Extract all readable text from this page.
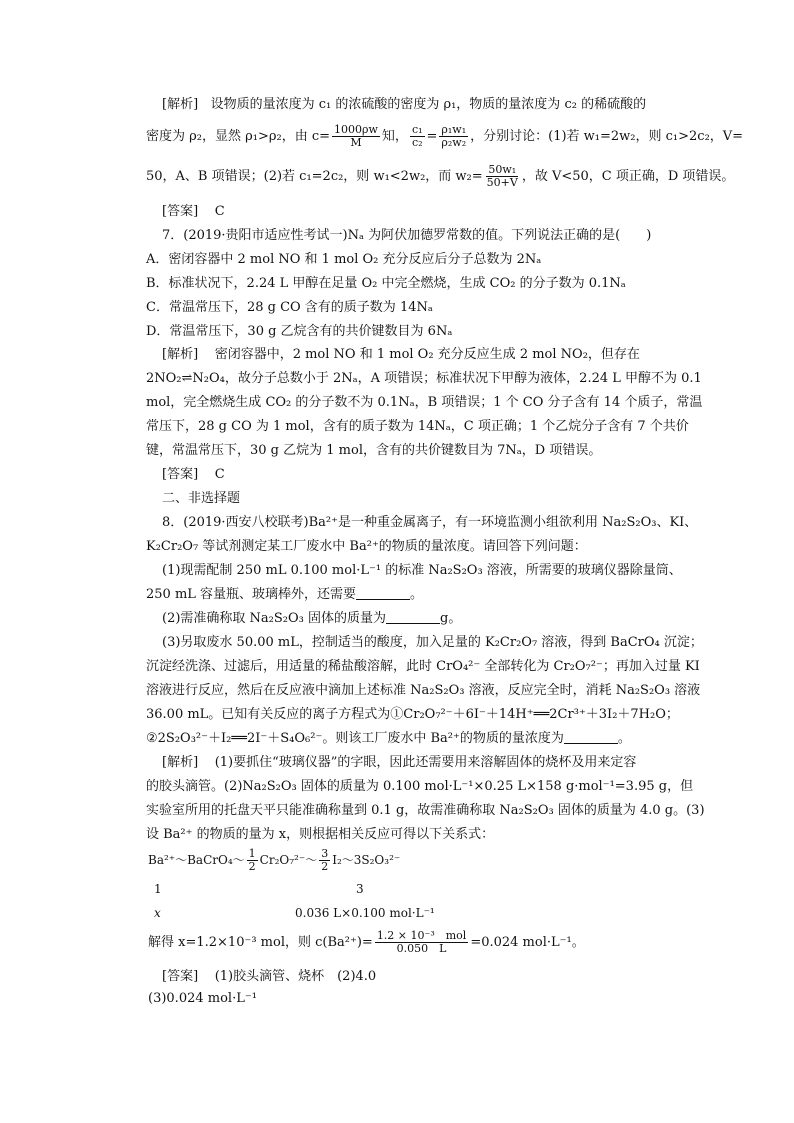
[解析] 设物质的量浓度为 c₁ 的浓硫酸的密度为 ρ₁，物质的量浓度为 c₂ 的稀硫酸的
密度为 ρ₂，显然 ρ₁>ρ₂，由 $c= \frac{1000\rho w}{M}$ 知， $\frac{\text{c₁}}{\text{c₂}} = \frac{\text{ρ₁w₁}}{\text{ρ₂w₂}}$ ，分别讨论：(1)若 w₁=2w₂，则 c₁>2c₂，V=
50，A、B 项错误；(2)若 c₁=2c₂，则 w₁<2w₂，而 $w_2= \frac{\text{50w₁}}{50+V}$ ，故 V<50，C 项正确，D 项错误。
[答案] C
7．(2019·贵阳市适应性考试一)Nₐ 为阿伏加德罗常数的值。下列说法正确的是(　　)
A．密闭容器中 2 mol NO 和 1 mol O₂ 充分反应后分子总数为 2Nₐ
B．标准状况下，2.24 L 甲醇在足量 O₂ 中完全燃烧，生成 CO₂ 的分子数为 0.1Nₐ
C．常温常压下，28 g CO 含有的质子数为 14Nₐ
D．常温常压下，30 g 乙烷含有的共价键数目为 6Nₐ
[解析] 密闭容器中，2 mol NO 和 1 mol O₂ 充分反应生成 2 mol NO₂，但存在
2NO₂⇌N₂O₄，故分子总数小于 2Nₐ，A 项错误；标准状况下甲醇为液体，2.24 L 甲醇不为 0.1
mol，完全燃烧生成 CO₂ 的分子数不为 0.1Nₐ，B 项错误；1 个 CO 分子含有 14 个质子，常温
常压下，28 g CO 为 1 mol，含有的质子数为 14Nₐ，C 项正确；1 个乙烷分子含有 7 个共价
键，常温常压下，30 g 乙烷为 1 mol，含有的共价键数目为 7Nₐ，D 项错误。
[答案] C
二、非选择题
8．(2019·西安八校联考)Ba²⁺是一种重金属离子，有一环境监测小组欲利用 Na₂S₂O₃、KI、
K₂Cr₂O₇ 等试剂测定某工厂废水中 Ba²⁺的物质的量浓度。请回答下列问题：
(1)现需配制 250 mL 0.100 mol·L⁻¹ 的标准 Na₂S₂O₃ 溶液，所需要的玻璃仪器除量筒、
250 mL 容量瓶、玻璃棒外，还需要	。
(2)需准确称取 Na₂S₂O₃ 固体的质量为	g。
(3)另取废水 50.00 mL，控制适当的酸度，加入足量的 K₂Cr₂O₇ 溶液，得到 BaCrO₄ 沉淀；
沉淀经洗涤、过滤后，用适量的稀盐酸溶解，此时 CrO₄²⁻ 全部转化为 Cr₂O₇²⁻；再加入过量 KI
溶液进行反应，然后在反应液中滴加上述标准 Na₂S₂O₃ 溶液，反应完全时，消耗 Na₂S₂O₃ 溶液
36.00 mL。已知有关反应的离子方程式为①Cr₂O₇²⁻＋6I⁻＋14H⁺══2Cr³⁺＋3I₂＋7H₂O；
②2S₂O₃²⁻＋I₂══2I⁻＋S₄O₆²⁻。则该工厂废水中 Ba²⁺的物质的量浓度为	。
[解析] (1)要抓住“玻璃仪器”的字眼，因此还需要用来溶解固体的烧杯及用来定容
的胶头滴管。(2)Na₂S₂O₃ 固体的质量为 0.100 mol·L⁻¹×0.25 L×158 g·mol⁻¹=3.95 g，但
实验室所用的托盘天平只能准确称量到 0.1 g，故需准确称取 Na₂S₂O₃ 固体的质量为 4.0 g。(3)
设 Ba²⁺ 的物质的量为 x，则根据相关反应可得以下关系式：
Ba²⁺～BaCrO₄～ $\frac{1}{2}$ Cr₂O₇²⁻～ $\frac{3}{2}$ I₂～3S₂O₃²⁻
1	3
x	0.036 L×0.100 mol·L⁻¹
解得 x=1.2×10⁻³ mol，则 $c(Ba^{2+})= \frac{\text{1.2 × 10⁻³　mol}}{0.050 L} =0.024$ mol·L⁻¹。
[答案] (1)胶头滴管、烧杯　(2)4.0
(3)0.024 mol·L⁻¹
